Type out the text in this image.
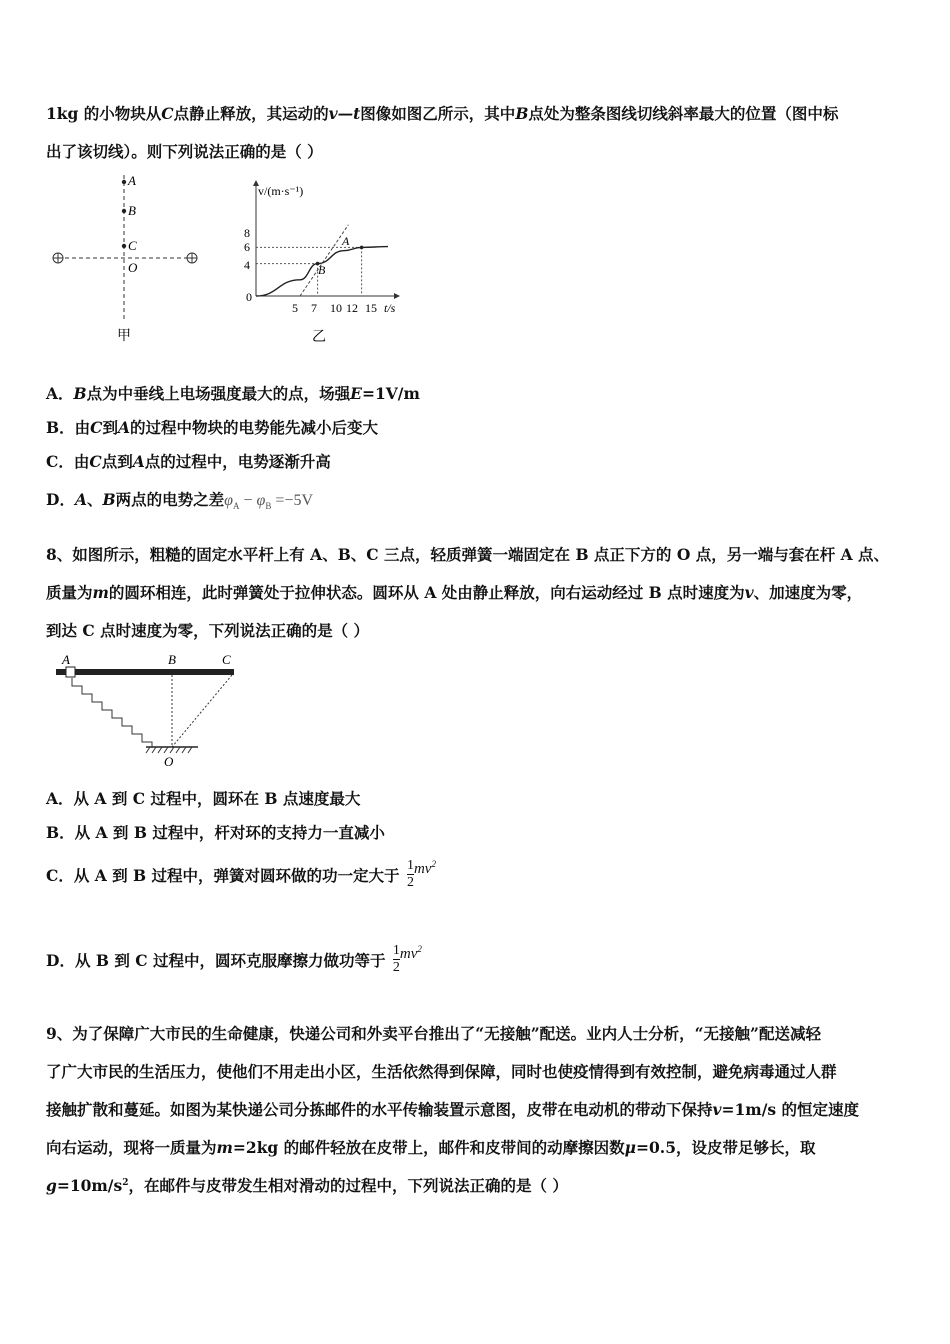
1kg 的小物块从C点静止释放，其运动的v—t图像如图乙所示，其中B点处为整条图线切线斜率最大的位置（图中标
出了该切线）。则下列说法正确的是（ ）
A
B
C
O
甲
v/(m·s⁻¹)
8
6
4
0
5 7 10 12 15 t/s
A
B
乙
A．B点为中垂线上电场强度最大的点，场强E=1V/m
B．由C到A的过程中物块的电势能先减小后变大
C．由C点到A点的过程中，电势逐渐升高
D．A、B两点的电势之差$\varphi_A - \varphi_B =-5V$
8、如图所示，粗糙的固定水平杆上有 A、B、C 三点，轻质弹簧一端固定在 B 点正下方的 O 点，另一端与套在杆 A 点、
质量为m的圆环相连，此时弹簧处于拉伸状态。圆环从 A 处由静止释放，向右运动经过 B 点时速度为v、加速度为零，
到达 C 点时速度为零，下列说法正确的是（ ）
A	B	C
O
A．从 A 到 C 过程中，圆环在 B 点速度最大
B．从 A 到 B 过程中，杆对环的支持力一直减小
C．从 A 到 B 过程中，弹簧对圆环做的功一定大于 $\frac{1}{2} mv^2$
D．从 B 到 C 过程中，圆环克服摩擦力做功等于 $\frac{1}{2} mv^2$
9、为了保障广大市民的生命健康，快递公司和外卖平台推出了“无接触”配送。业内人士分析，“无接触”配送减轻
了广大市民的生活压力，使他们不用走出小区，生活依然得到保障，同时也使疫情得到有效控制，避免病毒通过人群
接触扩散和蔓延。如图为某快递公司分拣邮件的水平传输装置示意图，皮带在电动机的带动下保持v=1m/s 的恒定速度
向右运动，现将一质量为m=2kg 的邮件轻放在皮带上，邮件和皮带间的动摩擦因数μ=0.5，设皮带足够长，取
$g=10m/s^2$，在邮件与皮带发生相对滑动的过程中，下列说法正确的是（ ）
